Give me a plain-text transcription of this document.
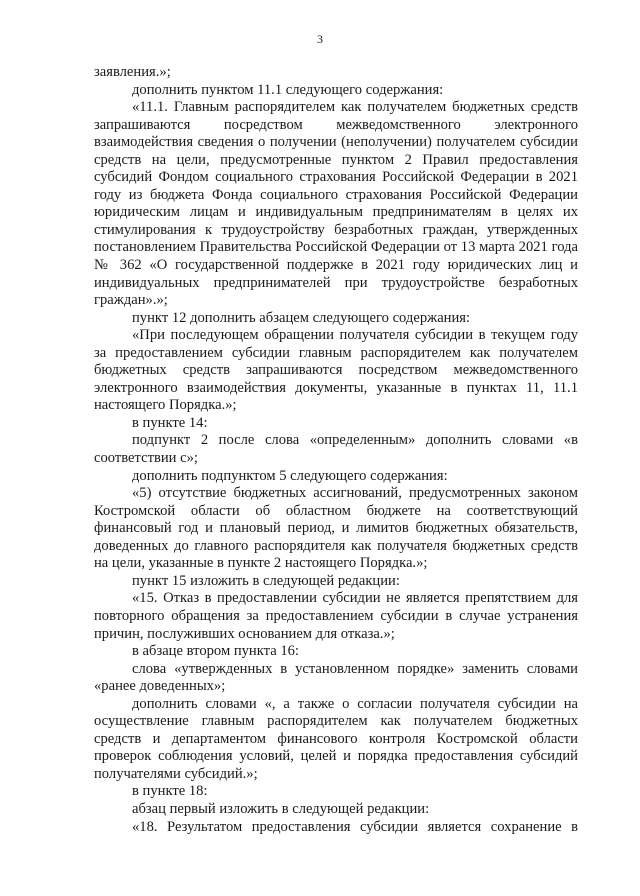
3

заявления.»;

дополнить пунктом 11.1 следующего содержания:

«11.1. Главным распорядителем как получателем бюджетных средств запрашиваются посредством межведомственного электронного взаимодействия сведения о получении (неполучении) получателем субсидии средств на цели, предусмотренные пунктом 2 Правил предоставления субсидий Фондом социального страхования Российской Федерации в 2021 году из бюджета Фонда социального страхования Российской Федерации юридическим лицам и индивидуальным предпринимателям в целях их стимулирования к трудоустройству безработных граждан, утвержденных постановлением Правительства Российской Федерации от 13 марта 2021 года № 362 «О государственной поддержке в 2021 году юридических лиц и индивидуальных предпринимателей при трудоустройстве безработных граждан».»;

пункт 12 дополнить абзацем следующего содержания:

«При последующем обращении получателя субсидии в текущем году за предоставлением субсидии главным распорядителем как получателем бюджетных средств запрашиваются посредством межведомственного электронного взаимодействия документы, указанные в пунктах 11, 11.1 настоящего Порядка.»;

в пункте 14:

подпункт 2 после слова «определенным» дополнить словами «в соответствии с»;

дополнить подпунктом 5 следующего содержания:

«5) отсутствие бюджетных ассигнований, предусмотренных законом Костромской области об областном бюджете на соответствующий финансовый год и плановый период, и лимитов бюджетных обязательств, доведенных до главного распорядителя как получателя бюджетных средств на цели, указанные в пункте 2 настоящего Порядка.»;

пункт 15 изложить в следующей редакции:

«15. Отказ в предоставлении субсидии не является препятствием для повторного обращения за предоставлением субсидии в случае устранения причин, послуживших основанием для отказа.»;

в абзаце втором пункта 16:

слова «утвержденных в установленном порядке» заменить словами «ранее доведенных»;

дополнить словами «, а также о согласии получателя субсидии на осуществление главным распорядителем как получателем бюджетных средств и департаментом финансового контроля Костромской области проверок соблюдения условий, целей и порядка предоставления субсидий получателями субсидий.»;

в пункте 18:

абзац первый изложить в следующей редакции:

«18. Результатом предоставления субсидии является сохранение в
